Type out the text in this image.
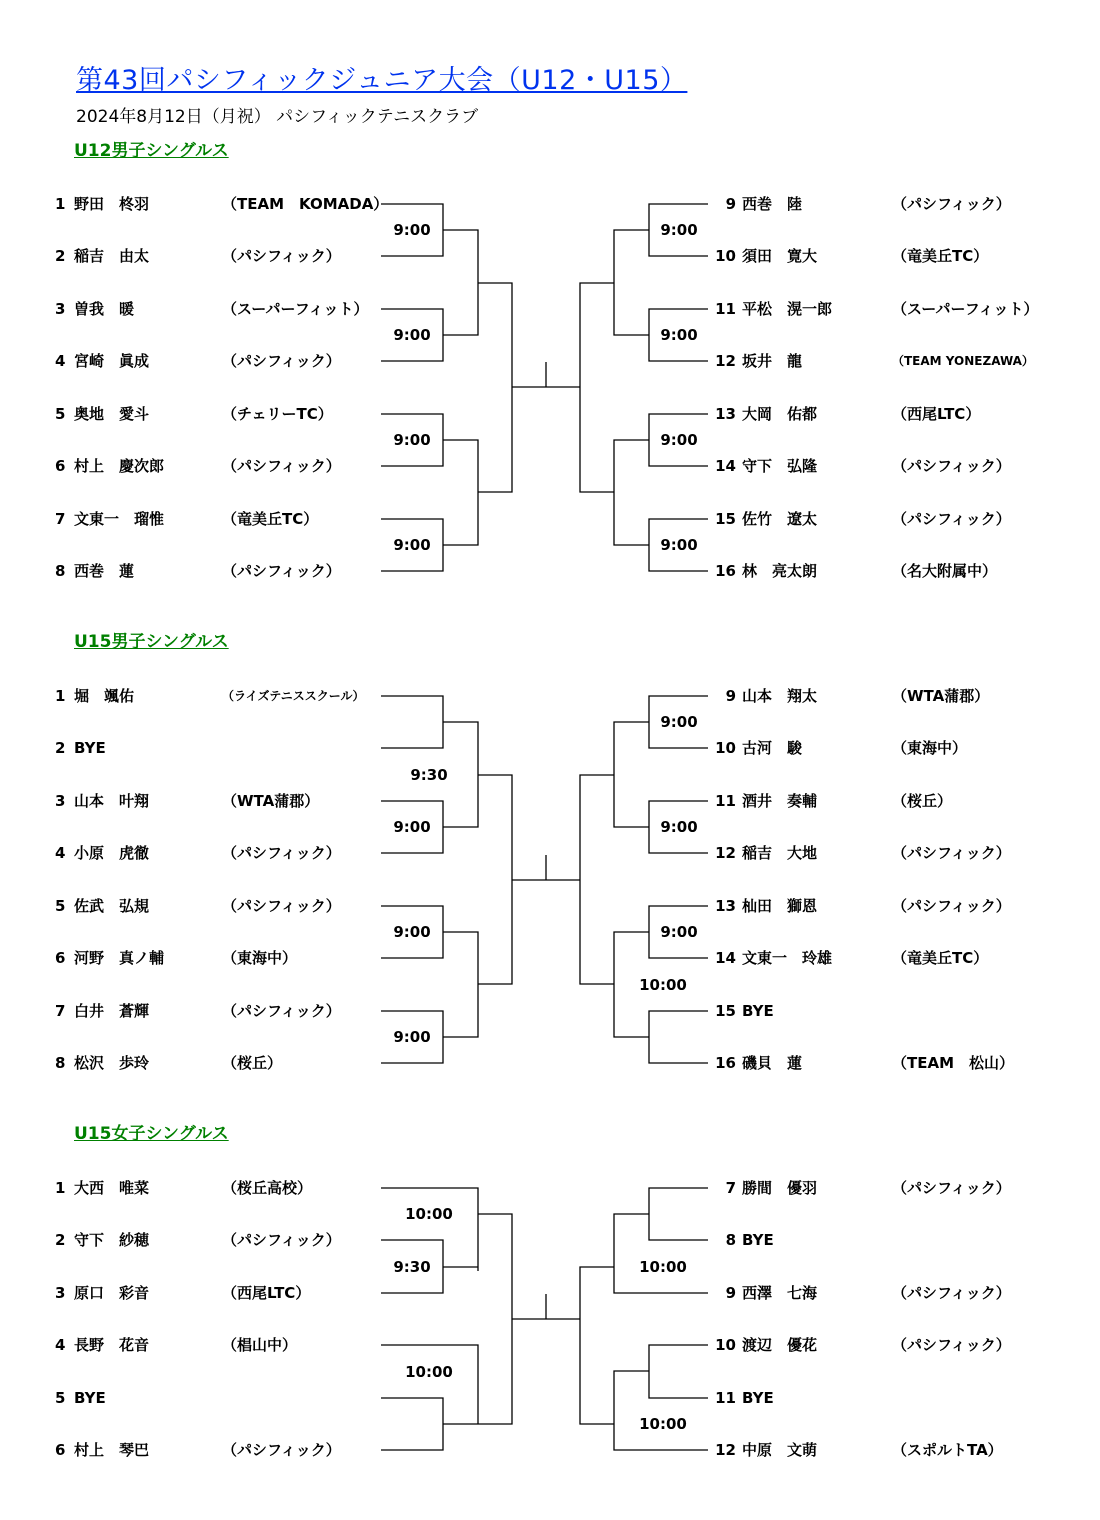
第43回パシフィックジュニア大会（U12・U15）
2024年8月12日（月祝） パシフィックテニスクラブ
U12男子シングルス
U15男子シングルス
U15女子シングルス
1 野田　柊羽	（TEAM　KOMADA）
2 稲吉　由太	（パシフィック）
3 曽我　暖	（スーパーフィット）
4 宮崎　眞成	（パシフィック）
5 奥地　愛斗	（チェリーTC）
6 村上　慶次郎	（パシフィック）
7 文東一　瑠惟	（竜美丘TC）
8 西巻　蓮	（パシフィック）
9 西巻　陸	（パシフィック）
10 須田　寛大	（竜美丘TC）
11 平松　滉一郎	（スーパーフィット）
12 坂井　龍	（TEAM YONEZAWA）
13 大岡　佑都	（西尾LTC）
14 守下　弘隆	（パシフィック）
15 佐竹　遼太	（パシフィック）
16 林　亮太朗	（名大附属中）
9:00
9:00
9:00
9:00
9:00
9:00
9:00
9:00
1 堀　颯佑	（ライズテニススクール）
2 BYE
3 山本　叶翔	（WTA蒲郡）
4 小原　虎徹	（パシフィック）
5 佐武　弘規	（パシフィック）
6 河野　真ノ輔	（東海中）
7 白井　蒼輝	（パシフィック）
8 松沢　歩玲	（桜丘）
9 山本　翔太	（WTA蒲郡）
10 古河　駿	（東海中）
11 酒井　奏輔	（桜丘）
12 稲吉　大地	（パシフィック）
13 杣田　獅恩	（パシフィック）
14 文東一　玲雄	（竜美丘TC）
15 BYE
16 磯貝　蓮	（TEAM　松山）
9:30
9:00
9:00
9:00
9:00
9:00
9:00
10:00
1 大西　唯菜	（桜丘高校）
2 守下　紗穂	（パシフィック）
3 原口　彩音	（西尾LTC）
4 長野　花音	（椙山中）
5 BYE
6 村上　琴巴	（パシフィック）
7 勝間　優羽	（パシフィック）
8 BYE
9 西澤　七海	（パシフィック）
10 渡辺　優花	（パシフィック）
11 BYE
12 中原　文萌	（スポルトTA）
10:00
9:30
10:00
10:00
10:00
